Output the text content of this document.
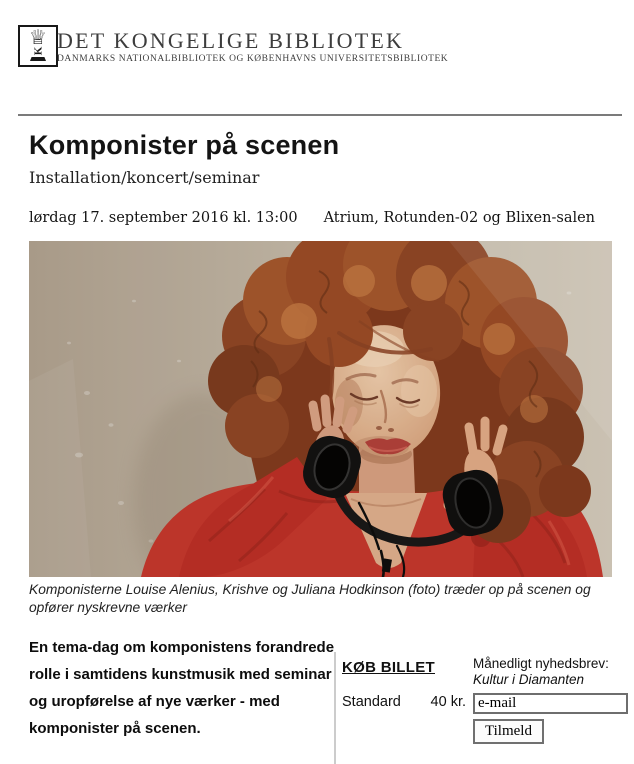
♕
K DET KONGELIGE BIBLIOTEK
DANMARKS NATIONALBIBLIOTEK OG KØBENHAVNS UNIVERSITETSBIBLIOTEK
Komponister på scenen
Installation/koncert/seminar
lørdag 17. september 2016 kl. 13:00 Atrium, Rotunden-02 og Blixen-salen
Komponisterne Louise Alenius, Krishve og Juliana Hodkinson (foto) træder op på scenen og opfører nyskrevne værker
En tema-dag om komponistens forandrede rolle i samtidens kunstmusik med seminar og uropførelse af nye værker - med komponister på scenen.
KØB BILLET
Standard 40 kr.
Månedligt nyhedsbrev:
Kultur i Diamanten
e-mail Tilmeld
